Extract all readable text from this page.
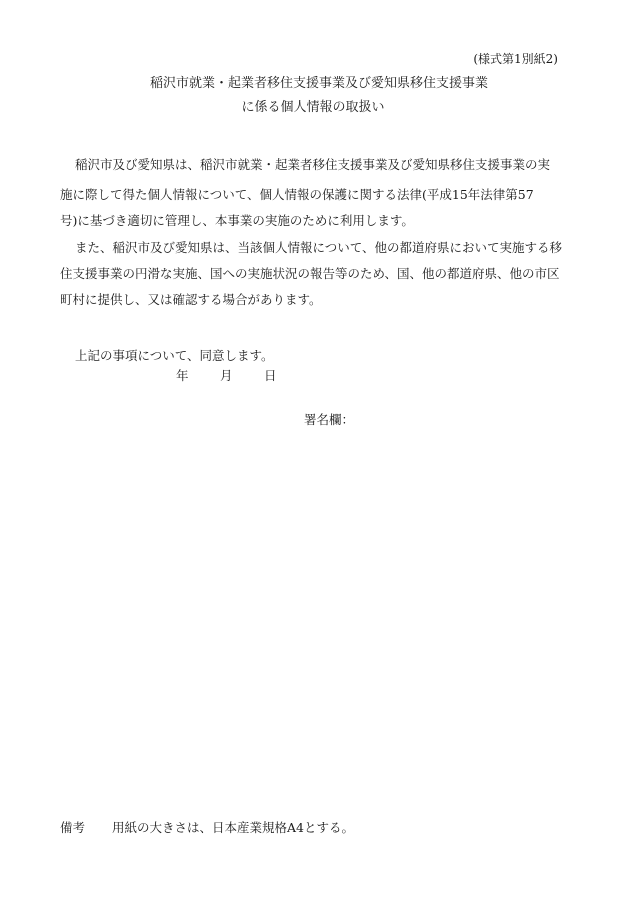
(様式第1別紙2)
稲沢市就業・起業者移住支援事業及び愛知県移住支援事業
に係る個人情報の取扱い
稲沢市及び愛知県は、稲沢市就業・起業者移住支援事業及び愛知県移住支援事業の実
施に際して得た個人情報について、個人情報の保護に関する法律(平成15年法律第57
号)に基づき適切に管理し、本事業の実施のために利用します。
また、稲沢市及び愛知県は、当該個人情報について、他の都道府県において実施する移
住支援事業の円滑な実施、国への実施状況の報告等のため、国、他の都道府県、他の市区
町村に提供し、又は確認する場合があります。
上記の事項について、同意します。
年	月	日
署名欄：
備考 用紙の大きさは、日本産業規格A4とする。
